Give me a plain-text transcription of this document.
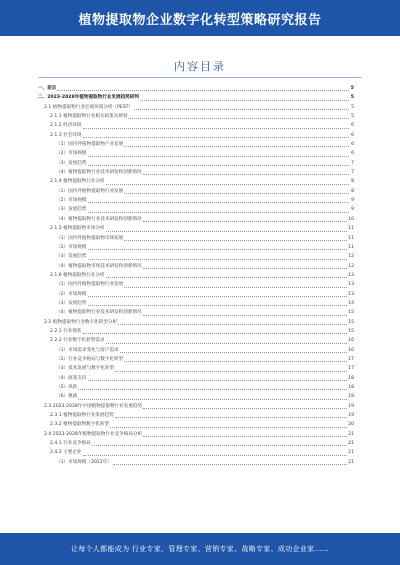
植物提取物企业数字化转型策略研究报告
内容目录
一、前言	5
二、2023-2028年植物提取物行业发展趋势研判	5
2.1 植物提取物行业宏观环境分析（PEST）	5
2.1.1 植物提取物行业相关政策及规划	5
2.1.2 经济环境	6
2.1.3 社会环境	6
（1）国内外植物提取物产业发展	6
（2）市场规模	6
（3）发展趋势	7
（4）植物提取物行业技术研发和创新情况	7
2.1.4 植物提取物行业分析	8
（1）国内外植物提取物行业发展	8
（2）市场规模	9
（3）发展趋势	9
（4）植物提取物行业技术研发和创新情况	10
2.1.5 植物提取物市场分析	11
（1）国内外植物提取物市场发展	11
（2）市场规模	11
（3）发展趋势	12
（4）植物提取物市场技术研发和创新情况	12
2.1.6 植物提取物行业分析	13
（1）国内外植物提取物行业发展	13
（2）市场规模	13
（3）发展趋势	14
（4）植物提取物行业技术研发和创新情况	15
2.2 植物提取物行业数字化转型分析	15
2.2.1 行业现状	15
2.2.2 行业数字化转型需求	16
（1）市场需求变化与客户需求	16
（2）行业竞争格局与数字化转型	17
（3）技术发展与数字化转型	17
（4）政策支持	18
（5）风险	18
（6）挑战	18
2.3 2023-2028年中国植物提取物行业发展趋势	19
2.3.1 植物提取物行业发展趋势	19
2.3.2 植物提取物数字化转型	20
2.4 2023-2028年植物提取物行业竞争格局分析	21
2.4.1 行业竞争格局	21
2.4.2 主要企业	21
（1）市场规模（2022年）	21
让每个人都能成为 行业专家、管理专家、营销专家、战略专家、成功企业家……
